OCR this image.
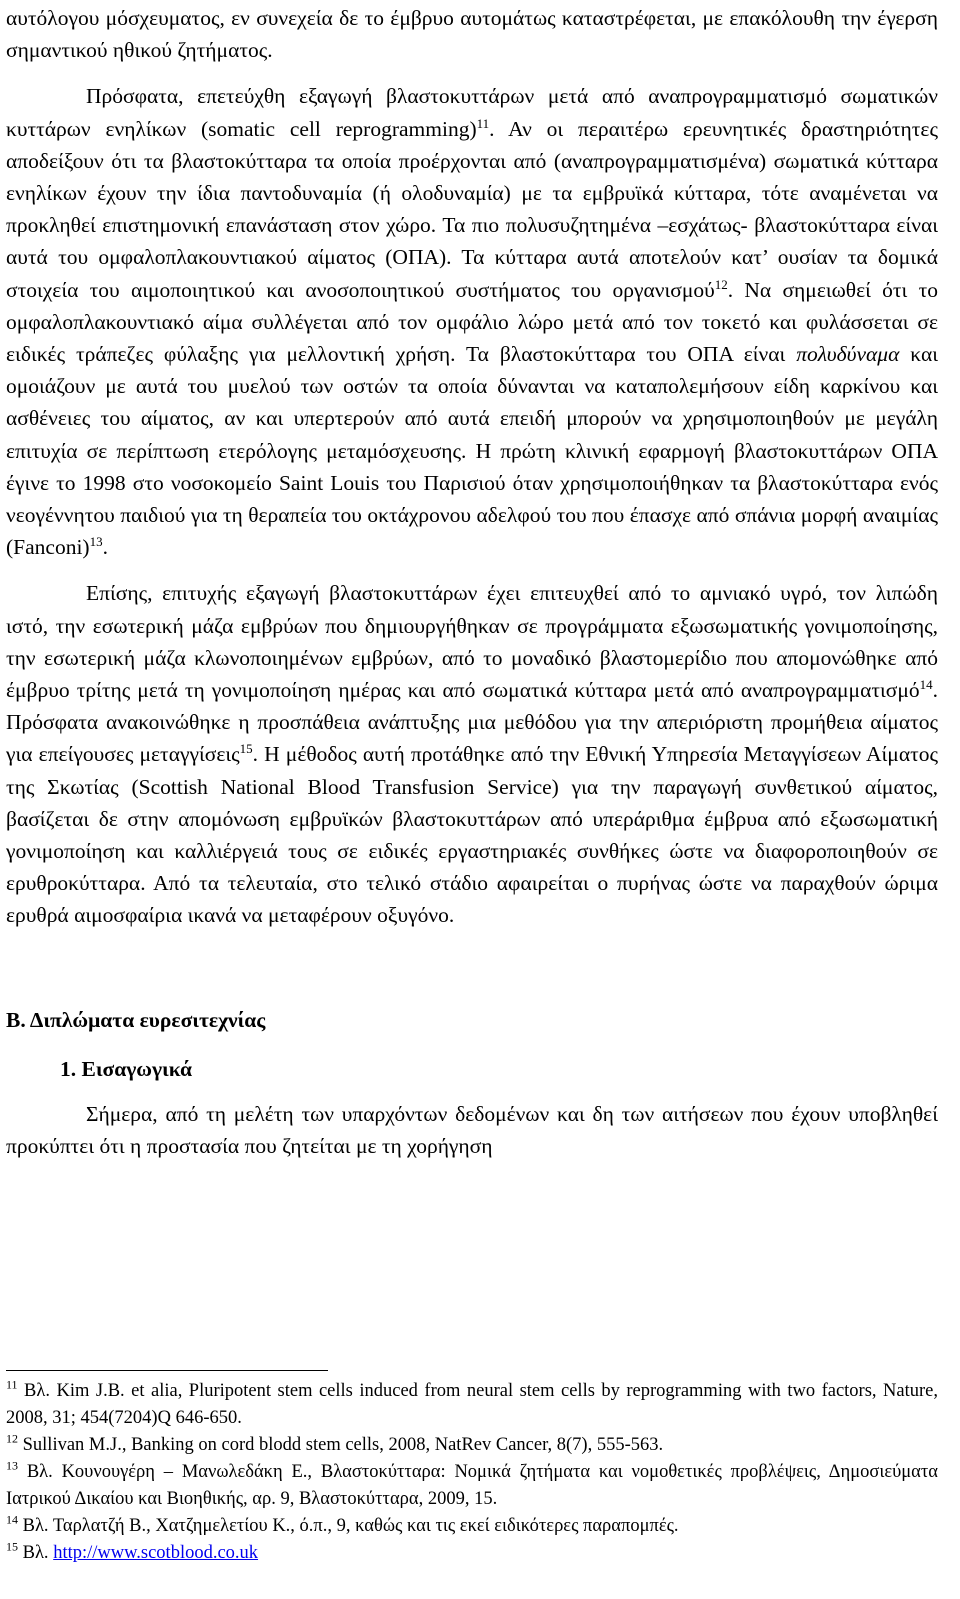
αυτόλογου μόσχευματος, εν συνεχεία δε το έμβρυο αυτομάτως καταστρέφεται, με επακόλουθη την έγερση σημαντικού ηθικού ζητήματος.

Πρόσφατα, επετεύχθη εξαγωγή βλαστοκυττάρων μετά από αναπρογραμματισμό σωματικών κυττάρων ενηλίκων (somatic cell reprogramming)$^{11}$. Αν οι περαιτέρω ερευνητικές δραστηριότητες αποδείξουν ότι τα βλαστοκύτταρα τα οποία προέρχονται από (αναπρογραμματισμένα) σωματικά κύτταρα ενηλίκων έχουν την ίδια παντοδυναμία (ή ολοδυναμία) με τα εμβρυϊκά κύτταρα, τότε αναμένεται να προκληθεί επιστημονική επανάσταση στον χώρο. Τα πιο πολυσυζητημένα –εσχάτως- βλαστοκύτταρα είναι αυτά του ομφαλοπλακουντιακού αίματος (ΟΠΑ). Τα κύτταρα αυτά αποτελούν κατ’ ουσίαν τα δομικά στοιχεία του αιμοποιητικού και ανοσοποιητικού συστήματος του οργανισμού$^{12}$. Να σημειωθεί ότι το ομφαλοπλακουντιακό αίμα συλλέγεται από τον ομφάλιο λώρο μετά από τον τοκετό και φυλάσσεται σε ειδικές τράπεζες φύλαξης για μελλοντική χρήση. Τα βλαστοκύτταρα του ΟΠΑ είναι πολυδύναμα και ομοιάζουν με αυτά του μυελού των οστών τα οποία δύνανται να καταπολεμήσουν είδη καρκίνου και ασθένειες του αίματος, αν και υπερτερούν από αυτά επειδή μπορούν να χρησιμοποιηθούν με μεγάλη επιτυχία σε περίπτωση ετερόλογης μεταμόσχευσης. Η πρώτη κλινική εφαρμογή βλαστοκυττάρων ΟΠΑ έγινε το 1998 στο νοσοκομείο Saint Louis του Παρισιού όταν χρησιμοποιήθηκαν τα βλαστοκύτταρα ενός νεογέννητου παιδιού για τη θεραπεία του οκτάχρονου αδελφού του που έπασχε από σπάνια μορφή αναιμίας (Fanconi)$^{13}$.

Επίσης, επιτυχής εξαγωγή βλαστοκυττάρων έχει επιτευχθεί από το αμνιακό υγρό, τον λιπώδη ιστό, την εσωτερική μάζα εμβρύων που δημιουργήθηκαν σε προγράμματα εξωσωματικής γονιμοποίησης, την εσωτερική μάζα κλωνοποιημένων εμβρύων, από το μοναδικό βλαστομερίδιο που απομονώθηκε από έμβρυο τρίτης μετά τη γονιμοποίηση ημέρας και από σωματικά κύτταρα μετά από αναπρογραμματισμό$^{14}$. Πρόσφατα ανακοινώθηκε η προσπάθεια ανάπτυξης μια μεθόδου για την απεριόριστη προμήθεια αίματος για επείγουσες μεταγγίσεις$^{15}$. Η μέθοδος αυτή προτάθηκε από την Εθνική Υπηρεσία Μεταγγίσεων Αίματος της Σκωτίας (Scottish National Blood Transfusion Service) για την παραγωγή συνθετικού αίματος, βασίζεται δε στην απομόνωση εμβρυϊκών βλαστοκυττάρων από υπεράριθμα έμβρυα από εξωσωματική γονιμοποίηση και καλλιέργειά τους σε ειδικές εργαστηριακές συνθήκες ώστε να διαφοροποιηθούν σε ερυθροκύτταρα. Από τα τελευταία, στο τελικό στάδιο αφαιρείται ο πυρήνας ώστε να παραχθούν ώριμα ερυθρά αιμοσφαίρια ικανά να μεταφέρουν οξυγόνο.

Β. Διπλώματα ευρεσιτεχνίας

1. Εισαγωγικά

Σήμερα, από τη μελέτη των υπαρχόντων δεδομένων και δη των αιτήσεων που έχουν υποβληθεί προκύπτει ότι η προστασία που ζητείται με τη χορήγηση

$^{11}$ Βλ. Kim J.B. et alia, Pluripotent stem cells induced from neural stem cells by reprogramming with two factors, Nature, 2008, 31; 454(7204)Q 646-650.

$^{12}$ Sullivan M.J., Banking on cord blodd stem cells, 2008, NatRev Cancer, 8(7), 555-563.

$^{13}$ Βλ. Κουνουγέρη – Μανωλεδάκη Ε., Βλαστοκύτταρα: Νομικά ζητήματα και νομοθετικές προβλέψεις, Δημοσιεύματα Ιατρικού Δικαίου και Βιοηθικής, αρ. 9, Βλαστοκύτταρα, 2009, 15.

$^{14}$ Βλ. Ταρλατζή Β., Χατζημελετίου Κ., ό.π., 9, καθώς και τις εκεί ειδικότερες παραπομπές.

$^{15}$ Βλ. http://www.scotblood.co.uk
